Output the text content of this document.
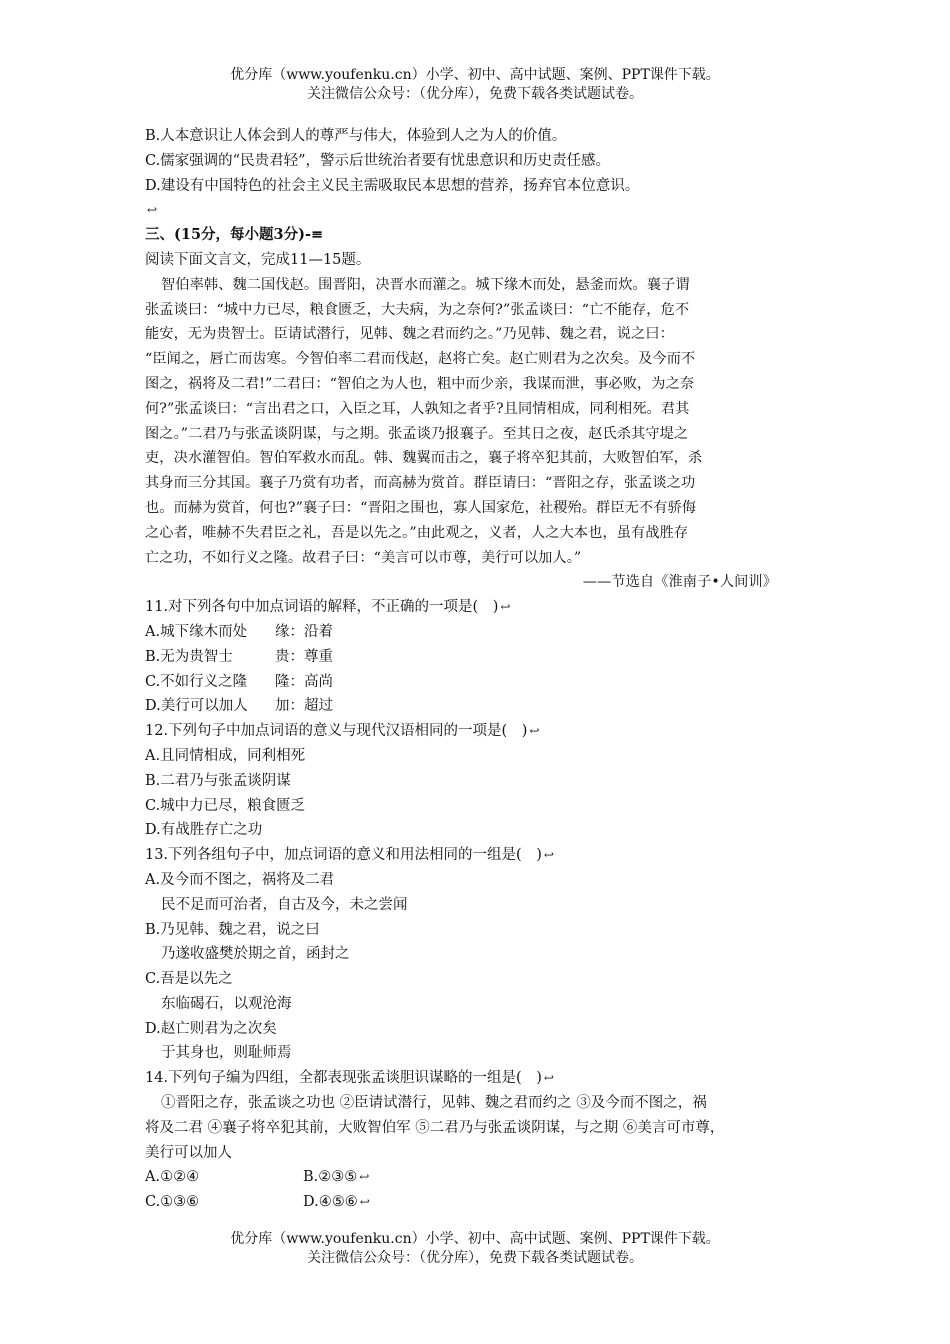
优分库（www.youfenku.cn）小学、初中、高中试题、案例、PPT课件下载。
关注微信公众号：（优分库），免费下载各类试题试卷。
B.人本意识让人体会到人的尊严与伟大，体验到人之为人的价值。
C.儒家强调的“民贵君轻”，警示后世统治者要有忧患意识和历史责任感。
D.建设有中国特色的社会主义民主需吸取民本思想的营养，扬弃官本位意识。
↩
三、(15分，每小题3分)-≡
阅读下面文言文，完成11—15题。
智伯率韩、魏二国伐赵。围晋阳，决晋水而灌之。城下缘木而处，悬釜而炊。襄子谓
张孟谈曰：“城中力已尽，粮食匮乏，大夫病，为之奈何?”张孟谈曰：“亡不能存，危不
能安，无为贵智士。臣请试潜行，见韩、魏之君而约之。”乃见韩、魏之君，说之曰：
“臣闻之，唇亡而齿寒。今智伯率二君而伐赵，赵将亡矣。赵亡则君为之次矣。及今而不
图之，祸将及二君!”二君曰：“智伯之为人也，粗中而少亲，我谋而泄，事必败，为之奈
何?”张孟谈曰：“言出君之口，入臣之耳，人孰知之者乎?且同情相成，同利相死。君其
图之。”二君乃与张孟谈阴谋，与之期。张孟谈乃报襄子。至其日之夜，赵氏杀其守堤之
吏，决水灌智伯。智伯军救水而乱。韩、魏翼而击之，襄子将卒犯其前，大败智伯军，杀
其身而三分其国。襄子乃赏有功者，而高赫为赏首。群臣请曰：“晋阳之存，张孟谈之功
也。而赫为赏首，何也?”襄子曰：“晋阳之围也，寡人国家危，社稷殆。群臣无不有骄侮
之心者，唯赫不失君臣之礼，吾是以先之。”由此观之，义者，人之大本也，虽有战胜存
亡之功，不如行义之隆。故君子曰：“美言可以市尊，美行可以加人。”
——节选自《淮南子•人间训》
11.对下列各句中加点词语的解释，不正确的一项是(　) ↩
A.城下缘木而处 缘：沿着
B.无为贵智士	贵：尊重
C.不如行义之隆 隆：高尚
D.美行可以加人 加：超过
12.下列句子中加点词语的意义与现代汉语相同的一项是(　) ↩
A.且同情相成，同利相死
B.二君乃与张孟谈阴谋
C.城中力已尽，粮食匮乏
D.有战胜存亡之功
13.下列各组句子中，加点词语的意义和用法相同的一组是(　) ↩
A.及今而不图之，祸将及二君
民不足而可治者，自古及今，未之尝闻
B.乃见韩、魏之君，说之曰
乃遂收盛樊於期之首，函封之
C.吾是以先之
东临碣石，以观沧海
D.赵亡则君为之次矣
于其身也，则耻师焉
14.下列句子编为四组，全都表现张孟谈胆识谋略的一组是(　) ↩
①晋阳之存，张孟谈之功也 ②臣请试潜行，见韩、魏之君而约之 ③及今而不图之，祸
将及二君 ④襄子将卒犯其前，大败智伯军 ⑤二君乃与张孟谈阴谋，与之期 ⑥美言可市尊，
美行可以加人
A.①②④	B.②③⑤ ↩
C.①③⑥	D.④⑤⑥ ↩
优分库（www.youfenku.cn）小学、初中、高中试题、案例、PPT课件下载。
关注微信公众号：（优分库），免费下载各类试题试卷。
